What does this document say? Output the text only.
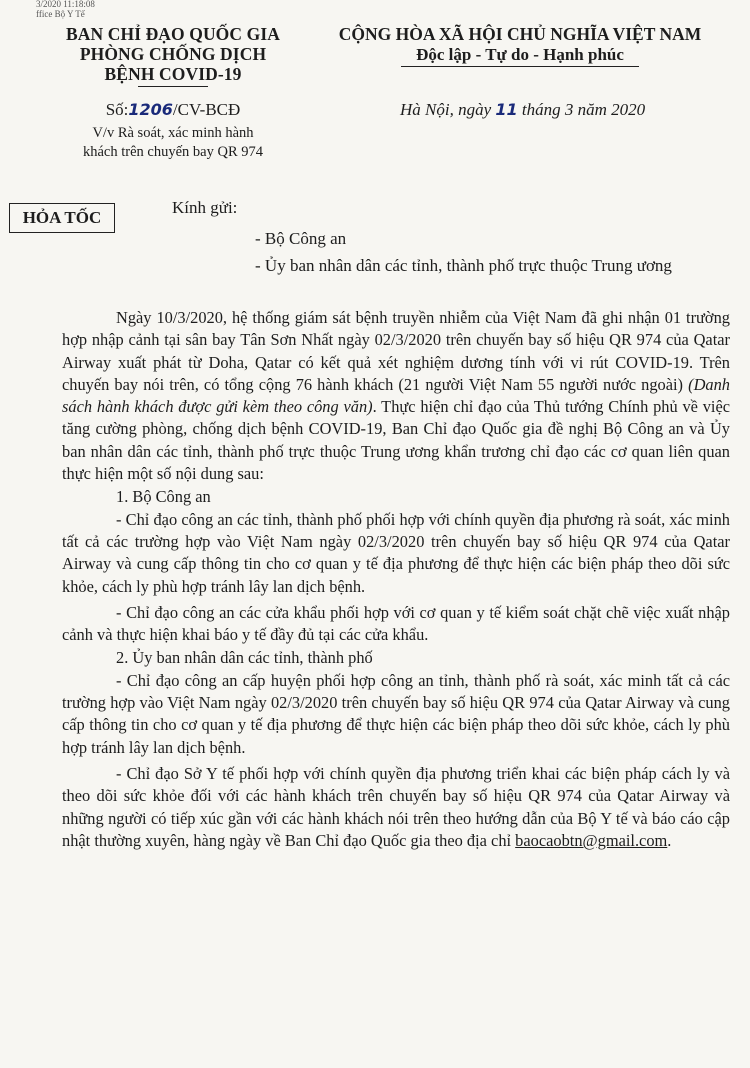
3/2020 11:18:08
ffice Bộ Y Tế
BAN CHỈ ĐẠO QUỐC GIA
PHÒNG CHỐNG DỊCH
BỆNH COVID-19
CỘNG HÒA XÃ HỘI CHỦ NGHĨA VIỆT NAM
Độc lập - Tự do - Hạnh phúc
Số:1206/CV-BCĐ
V/v Rà soát, xác minh hành
khách trên chuyến bay QR 974
Hà Nội, ngày 11 tháng 3 năm 2020
HỎA TỐC
Kính gửi:
- Bộ Công an
- Ủy ban nhân dân các tỉnh, thành phố trực thuộc Trung ương

Ngày 10/3/2020, hệ thống giám sát bệnh truyền nhiễm của Việt Nam đã ghi nhận 01 trường hợp nhập cảnh tại sân bay Tân Sơn Nhất ngày 02/3/2020 trên chuyến bay số hiệu QR 974 của Qatar Airway xuất phát từ Doha, Qatar có kết quả xét nghiệm dương tính với vi rút COVID-19. Trên chuyến bay nói trên, có tổng cộng 76 hành khách (21 người Việt Nam 55 người nước ngoài) (Danh sách hành khách được gửi kèm theo công văn). Thực hiện chỉ đạo của Thủ tướng Chính phủ về việc tăng cường phòng, chống dịch bệnh COVID-19, Ban Chỉ đạo Quốc gia đề nghị Bộ Công an và Ủy ban nhân dân các tỉnh, thành phố trực thuộc Trung ương khẩn trương chỉ đạo các cơ quan liên quan thực hiện một số nội dung sau:

1. Bộ Công an

- Chỉ đạo công an các tỉnh, thành phố phối hợp với chính quyền địa phương rà soát, xác minh tất cả các trường hợp vào Việt Nam ngày 02/3/2020 trên chuyến bay số hiệu QR 974 của Qatar Airway và cung cấp thông tin cho cơ quan y tế địa phương để thực hiện các biện pháp theo dõi sức khỏe, cách ly phù hợp tránh lây lan dịch bệnh.

- Chỉ đạo công an các cửa khẩu phối hợp với cơ quan y tế kiểm soát chặt chẽ việc xuất nhập cảnh và thực hiện khai báo y tế đầy đủ tại các cửa khẩu.

2. Ủy ban nhân dân các tỉnh, thành phố

- Chỉ đạo công an cấp huyện phối hợp công an tỉnh, thành phố rà soát, xác minh tất cả các trường hợp vào Việt Nam ngày 02/3/2020 trên chuyến bay số hiệu QR 974 của Qatar Airway và cung cấp thông tin cho cơ quan y tế địa phương để thực hiện các biện pháp theo dõi sức khỏe, cách ly phù hợp tránh lây lan dịch bệnh.

- Chỉ đạo Sở Y tế phối hợp với chính quyền địa phương triển khai các biện pháp cách ly và theo dõi sức khỏe đối với các hành khách trên chuyến bay số hiệu QR 974 của Qatar Airway và những người có tiếp xúc gần với các hành khách nói trên theo hướng dẫn của Bộ Y tế và báo cáo cập nhật thường xuyên, hàng ngày về Ban Chỉ đạo Quốc gia theo địa chỉ baocaobtn@gmail.com.
